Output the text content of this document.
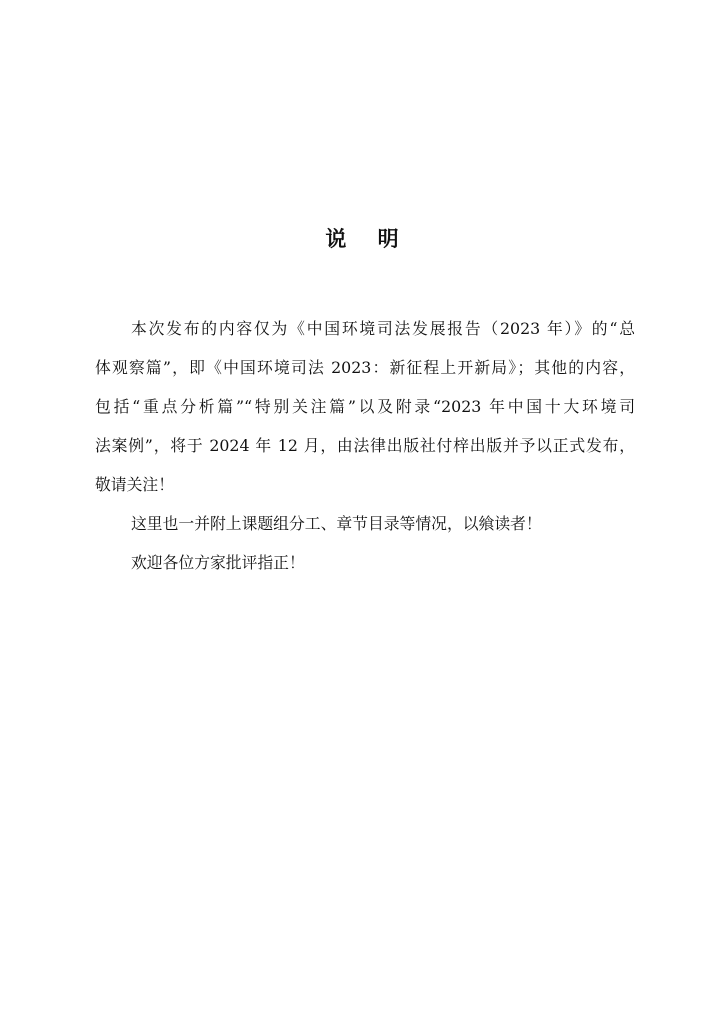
说 明
本次发布的内容仅为《中国环境司法发展报告（2023 年）》的“总
体观察篇”，即《中国环境司法 2023：新征程上开新局》；其他的内容，
包括“重点分析篇”“特别关注篇”以及附录“2023 年中国十大环境司
法案例”，将于 2024 年 12 月，由法律出版社付梓出版并予以正式发布，
敬请关注！
这里也一并附上课题组分工、章节目录等情况，以飨读者！
欢迎各位方家批评指正！
